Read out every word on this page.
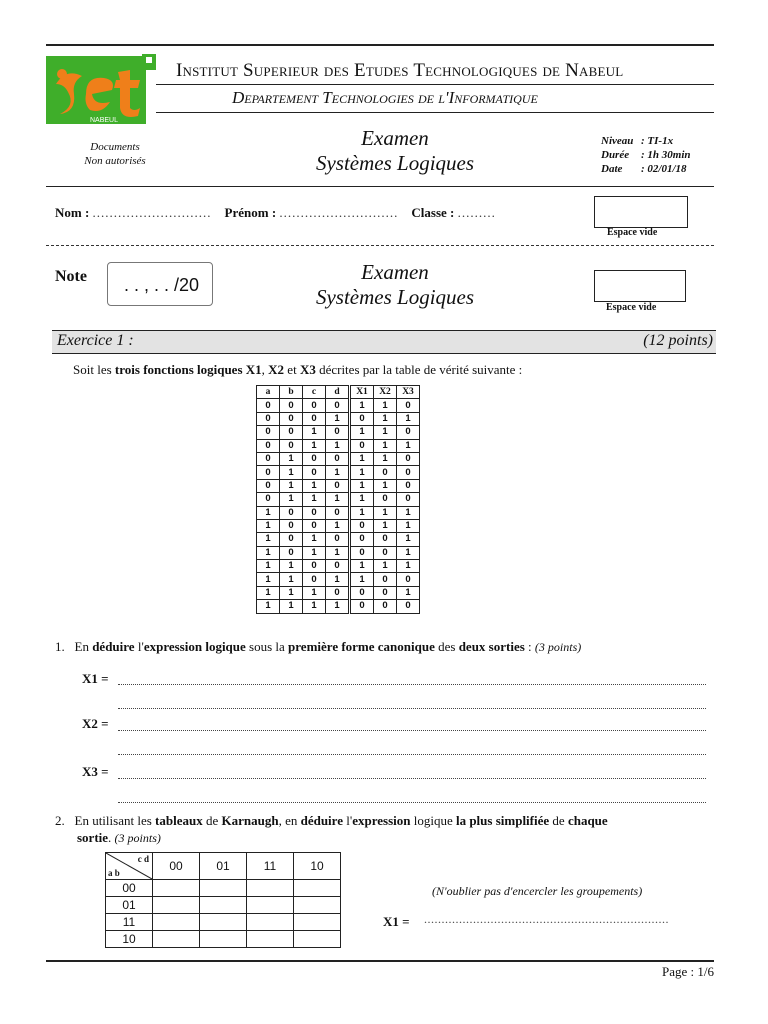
NABEUL
Institut Superieur des Etudes Technologiques de Nabeul
Departement Technologies de l'Informatique
Documents
Non autorisés
Examen
Systèmes Logiques
Niveau : TI-1x
Durée : 1h 30min
Date : 02/01/18
Nom : ............................ Prénom : ............................ Classe : .........
Espace vide
Note	. . , . . /20
Examen
Systèmes Logiques	Espace vide
Exercice 1 :	(12 points)
Soit les trois fonctions logiques X1, X2 et X3 décrites par la table de vérité suivante :
a	b	c	d	X1	X2	X3
0	0	0	0	1	1	0
0	0	0	1	0	1	1
0	0	1	0	1	1	0
0	0	1	1	0	1	1
0	1	0	0	1	1	0
0	1	0	1	1	0	0
0	1	1	0	1	1	0
0	1	1	1	1	0	0
1	0	0	0	1	1	1
1	0	0	1	0	1	1
1	0	1	0	0	0	1
1	0	1	1	0	0	1
1	1	0	0	1	1	1
1	1	0	1	1	0	0
1	1	1	0	0	0	1
1	1	1	1	0	0	0
1. En déduire l'expression logique sous la première forme canonique des deux sorties : (3 points)
X1 =
X2 =
X3 =
2. En utilisant les tableaux de Karnaugh, en déduire l'expression logique la plus simplifiée de chaque
sortie. (3 points)
c d
a b	00	01	11	10
00				
01				
11				
10				
(N'oublier pas d'encercler les groupements)
X1 = ......................................................................
Page : 1/6
